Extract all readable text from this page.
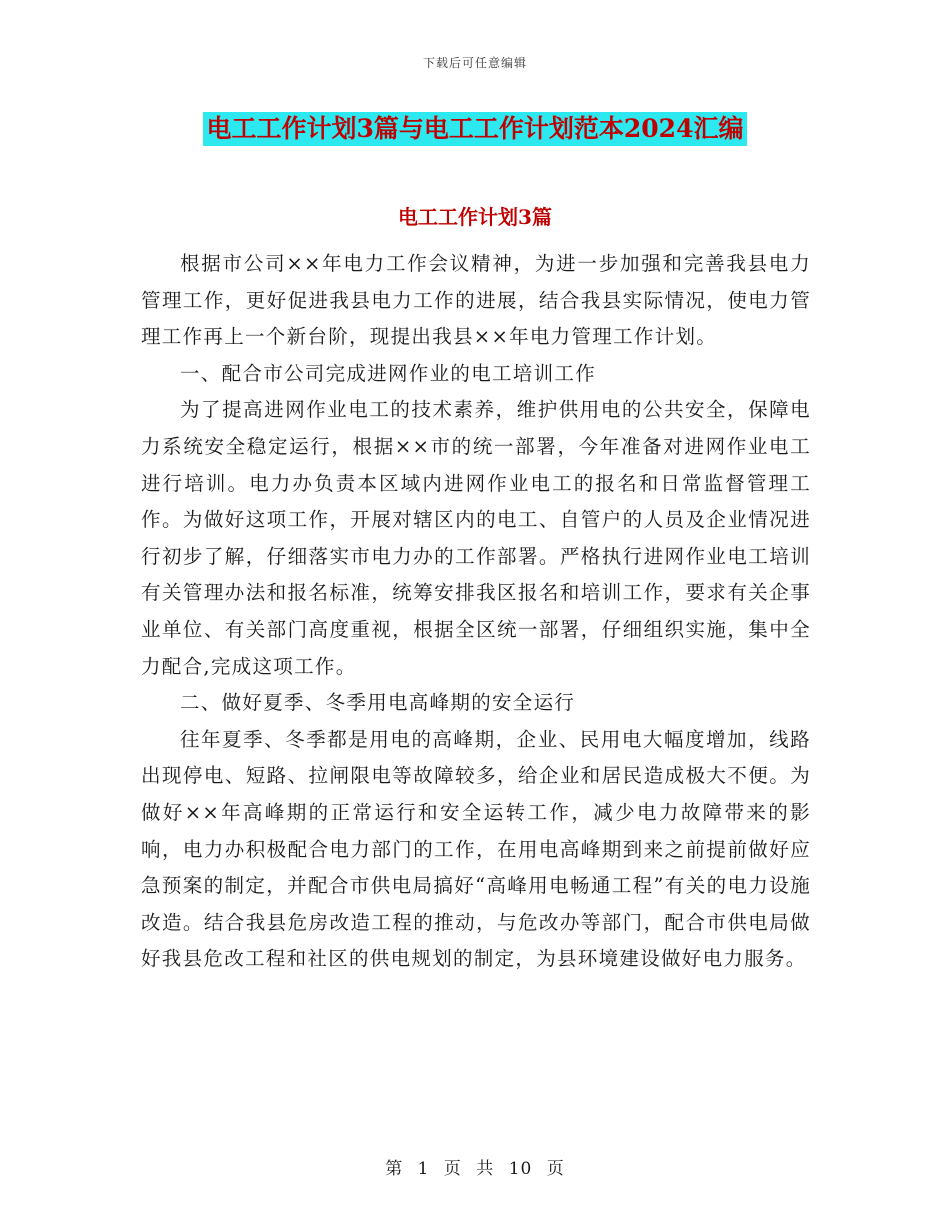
下载后可任意编辑
电工工作计划3篇与电工工作计划范本2024汇编
电工工作计划3篇

根据市公司××年电力工作会议精神，为进一步加强和完善我县电力管理工作，更好促进我县电力工作的进展，结合我县实际情况，使电力管理工作再上一个新台阶，现提出我县××年电力管理工作计划。

一、配合市公司完成进网作业的电工培训工作

为了提高进网作业电工的技术素养，维护供用电的公共安全，保障电力系统安全稳定运行，根据××市的统一部署，今年准备对进网作业电工进行培训。电力办负责本区域内进网作业电工的报名和日常监督管理工作。为做好这项工作，开展对辖区内的电工、自管户的人员及企业情况进行初步了解，仔细落实市电力办的工作部署。严格执行进网作业电工培训有关管理办法和报名标准，统筹安排我区报名和培训工作，要求有关企事业单位、有关部门高度重视，根据全区统一部署，仔细组织实施，集中全力配合,完成这项工作。

二、做好夏季、冬季用电高峰期的安全运行

往年夏季、冬季都是用电的高峰期，企业、民用电大幅度增加，线路出现停电、短路、拉闸限电等故障较多，给企业和居民造成极大不便。为做好××年高峰期的正常运行和安全运转工作，减少电力故障带来的影响，电力办积极配合电力部门的工作，在用电高峰期到来之前提前做好应急预案的制定，并配合市供电局搞好“高峰用电畅通工程”有关的电力设施改造。结合我县危房改造工程的推动，与危改办等部门，配合市供电局做好我县危改工程和社区的供电规划的制定，为县环境建设做好电力服务。

第 1 页 共 10 页
